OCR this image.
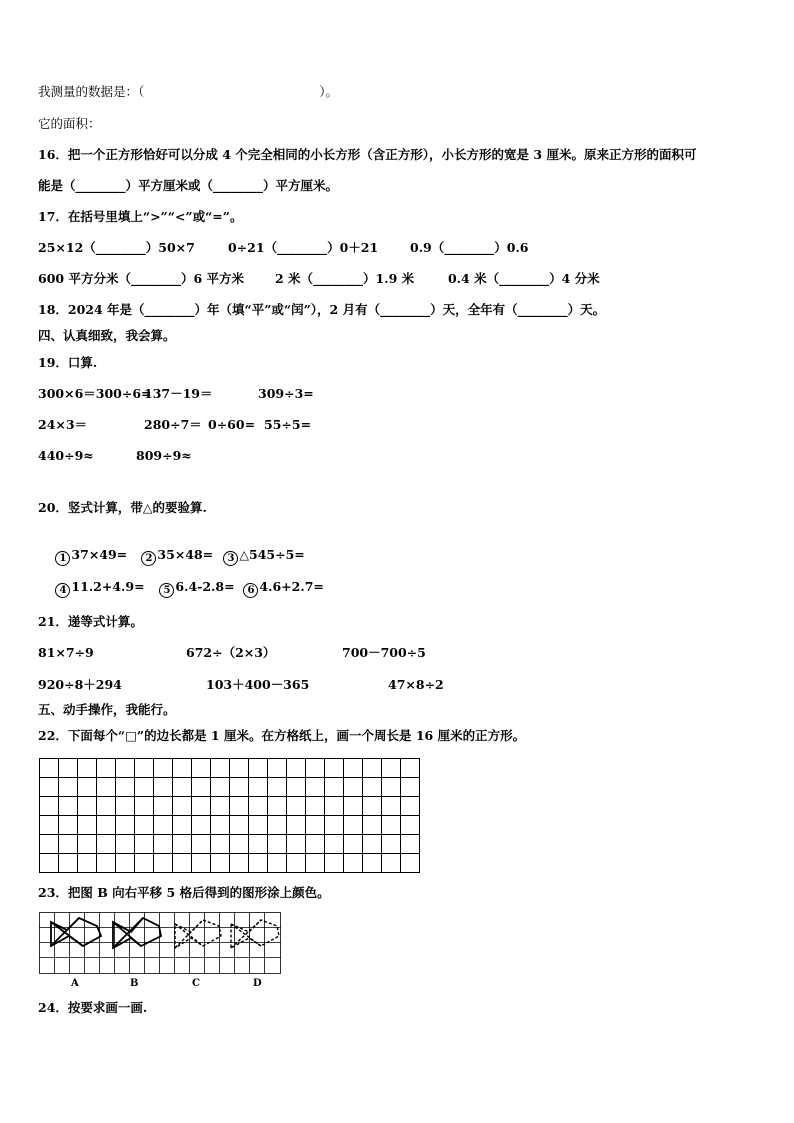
我测量的数据是：（　　　　　　　　　　　　　　）。
它的面积：
16．把一个正方形恰好可以分成 4 个完全相同的小长方形（含正方形），小长方形的宽是 3 厘米。原来正方形的面积可
能是（________）平方厘米或（________）平方厘米。
17．在括号里填上“>”“<”或“=”。
25×12（________）50×7	0÷21（________）0＋21	0.9（________）0.6
600 平方分米（________）6 平方米 2 米（________）1.9 米	0.4 米（________）4 分米
18．2024 年是（________）年（填“平”或“闰”），2 月有（________）天，全年有（________）天。
四、认真细致，我会算。
19．口算.
300×6＝300÷6=
137－19＝	309÷3=
24×3＝	280÷7＝ 0÷60= 55÷5=
440÷9≈	809÷9≈
20．竖式计算，带△的要验算.

1 37×49=
	2 35×48=
	3 △545÷5=

4 11.2+4.9=
	5 6.4-2.8=
	6 4.6+2.7=

21．递等式计算。
81×7÷9	672÷（2×3）	700－700÷5
920÷8＋294	103＋400－365	47×8÷2
五、动手操作，我能行。
22．下面每个“□”的边长都是 1 厘米。在方格纸上，画一个周长是 16 厘米的正方形。
23．把图 B 向右平移 5 格后得到的图形涂上颜色。
A	B	C	D
24．按要求画一画.
